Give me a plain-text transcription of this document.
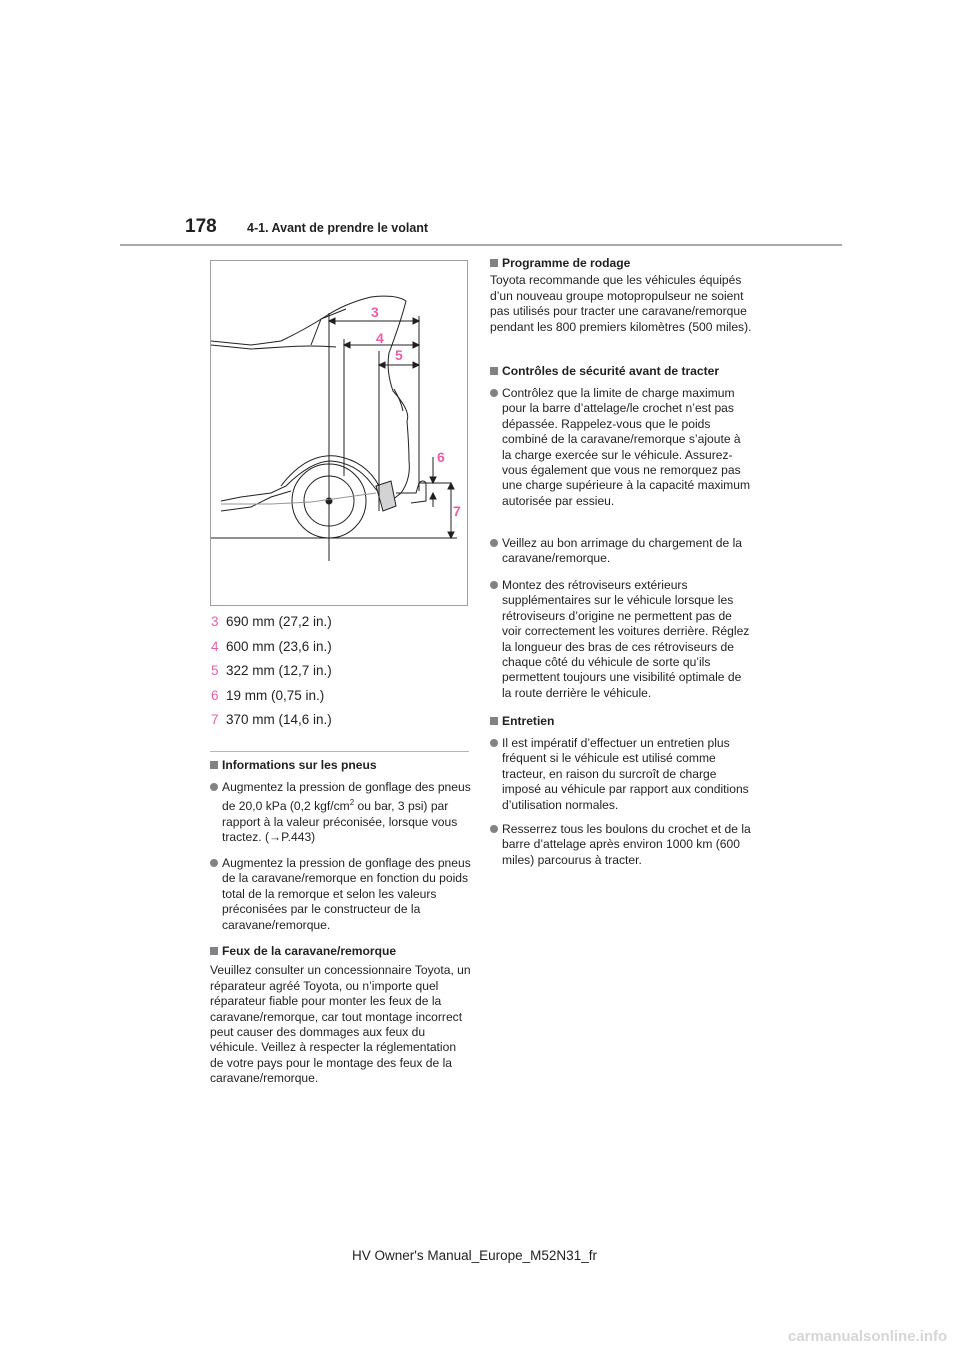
178 4-1. Avant de prendre le volant
3
4
5
6
7
3 690 mm (27,2 in.)
4 600 mm (23,6 in.)
5 322 mm (12,7 in.)
6 19 mm (0,75 in.)
7 370 mm (14,6 in.)
Informations sur les pneus
Augmentez la pression de gonflage des pneus de 20,0 kPa (0,2 kgf/$cm^2$ ou bar, 3 psi) par rapport à la valeur préconisée, lorsque vous tractez. (→P.443)
Augmentez la pression de gonflage des pneus de la caravane/remorque en fonction du poids total de la remorque et selon les valeurs préconisées par le constructeur de la caravane/remorque.
Feux de la caravane/remorque
Veuillez consulter un concessionnaire Toyota, un réparateur agréé Toyota, ou n’importe quel réparateur fiable pour monter les feux de la caravane/remorque, car tout montage incorrect peut causer des dommages aux feux du véhicule. Veillez à respecter la réglementation de votre pays pour le montage des feux de la caravane/remorque.
Programme de rodage
Toyota recommande que les véhicules équipés d’un nouveau groupe motopropulseur ne soient pas utilisés pour tracter une caravane/remorque pendant les 800 premiers kilomètres (500 miles).
Contrôles de sécurité avant de tracter
Contrôlez que la limite de charge maximum pour la barre d’attelage/le crochet n’est pas dépassée. Rappelez-vous que le poids combiné de la caravane/remorque s’ajoute à la charge exercée sur le véhicule. Assurez-vous également que vous ne remorquez pas une charge supérieure à la capacité maximum autorisée par essieu.
Veillez au bon arrimage du chargement de la caravane/remorque.
Montez des rétroviseurs extérieurs supplémentaires sur le véhicule lorsque les rétroviseurs d’origine ne permettent pas de voir correctement les voitures derrière. Réglez la longueur des bras de ces rétroviseurs de chaque côté du véhicule de sorte qu’ils permettent toujours une visibilité optimale de la route derrière le véhicule.
Entretien
Il est impératif d’effectuer un entretien plus fréquent si le véhicule est utilisé comme tracteur, en raison du surcroît de charge imposé au véhicule par rapport aux conditions d’utilisation normales.
Resserrez tous les boulons du crochet et de la barre d’attelage après environ 1000 km (600 miles) parcourus à tracter.
HV Owner's Manual_Europe_M52N31_fr
carmanualsonline.info
